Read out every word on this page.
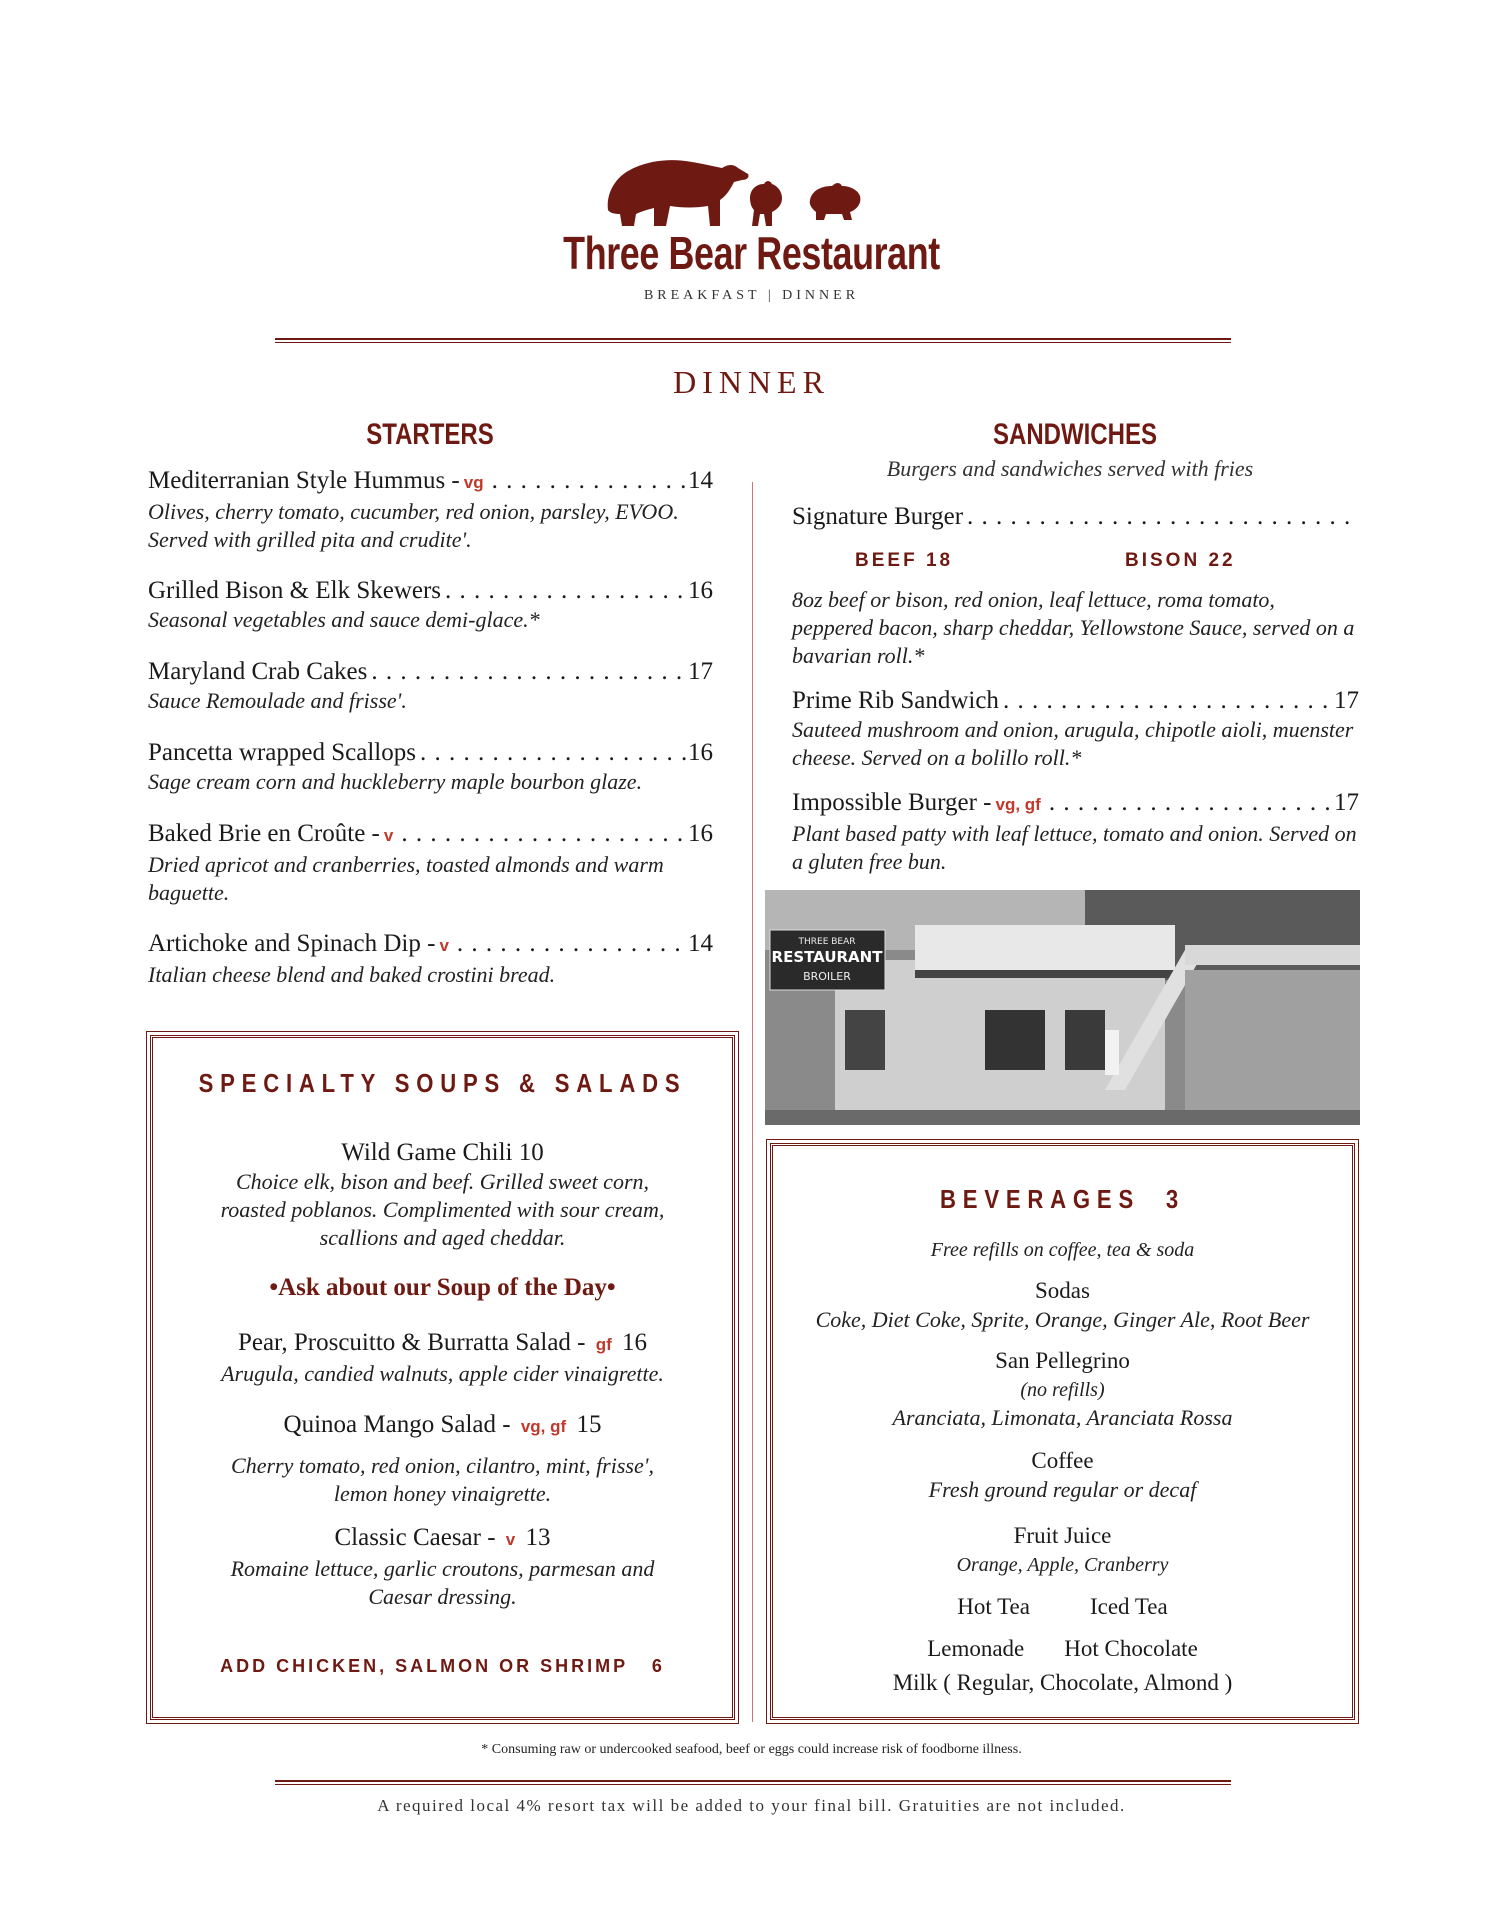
Three Bear Restaurant
BREAKFAST | DINNER
DINNER
STARTERS
Mediterranian Style Hummus - vg . . .	14
Olives, cherry tomato, cucumber, red onion, parsley, EVOO. Served with grilled pita and crudite'.
Grilled Bison & Elk Skewers . . .	16
Seasonal vegetables and sauce demi-glace.*
Maryland Crab Cakes . . .	17
Sauce Remoulade and frisse'.
Pancetta wrapped Scallops . . .	16
Sage cream corn and huckleberry maple bourbon glaze.
Baked Brie en Croûte - v . . .	16
Dried apricot and cranberries, toasted almonds and warm baguette.
Artichoke and Spinach Dip - v . . .	14
Italian cheese blend and baked crostini bread.
SANDWICHES
Burgers and sandwiches served with fries
Signature Burger
. . .
BEEF 18	BISON 22
8oz beef or bison, red onion, leaf lettuce, roma tomato, peppered bacon, sharp cheddar, Yellowstone Sauce, served on a bavarian roll.*
Prime Rib Sandwich . . .	17
Sauteed mushroom and onion, arugula, chipotle aioli, muenster cheese. Served on a bolillo roll.*
Impossible Burger - vg, gf . . .	17
Plant based patty with leaf lettuce, tomato and onion. Served on a gluten free bun.
THREE BEAR
RESTAURANT
BROILER
SPECIALTY SOUPS & SALADS
Wild Game Chili 10
Choice elk, bison and beef. Grilled sweet corn, roasted poblanos. Complimented with sour cream, scallions and aged cheddar.
•Ask about our Soup of the Day•
Pear, Proscuitto & Burratta Salad - gf 16
Arugula, candied walnuts, apple cider vinaigrette.
Quinoa Mango Salad - vg, gf 15
Cherry tomato, red onion, cilantro, mint, frisse', lemon honey vinaigrette.
Classic Caesar - v 13
Romaine lettuce, garlic croutons, parmesan and Caesar dressing.
ADD CHICKEN, SALMON OR SHRIMP   6
BEVERAGES  3
Free refills on coffee, tea & soda
Sodas
Coke, Diet Coke, Sprite, Orange, Ginger Ale, Root Beer
San Pellegrino
(no refills)
Aranciata, Limonata, Aranciata Rossa
Coffee
Fresh ground regular or decaf
Fruit Juice
Orange, Apple, Cranberry
Hot Tea	Iced Tea
Lemonade Hot Chocolate
Milk ( Regular, Chocolate, Almond )
* Consuming raw or undercooked seafood, beef or eggs could increase risk of foodborne illness.
A required local 4% resort tax will be added to your final bill. Gratuities are not included.
